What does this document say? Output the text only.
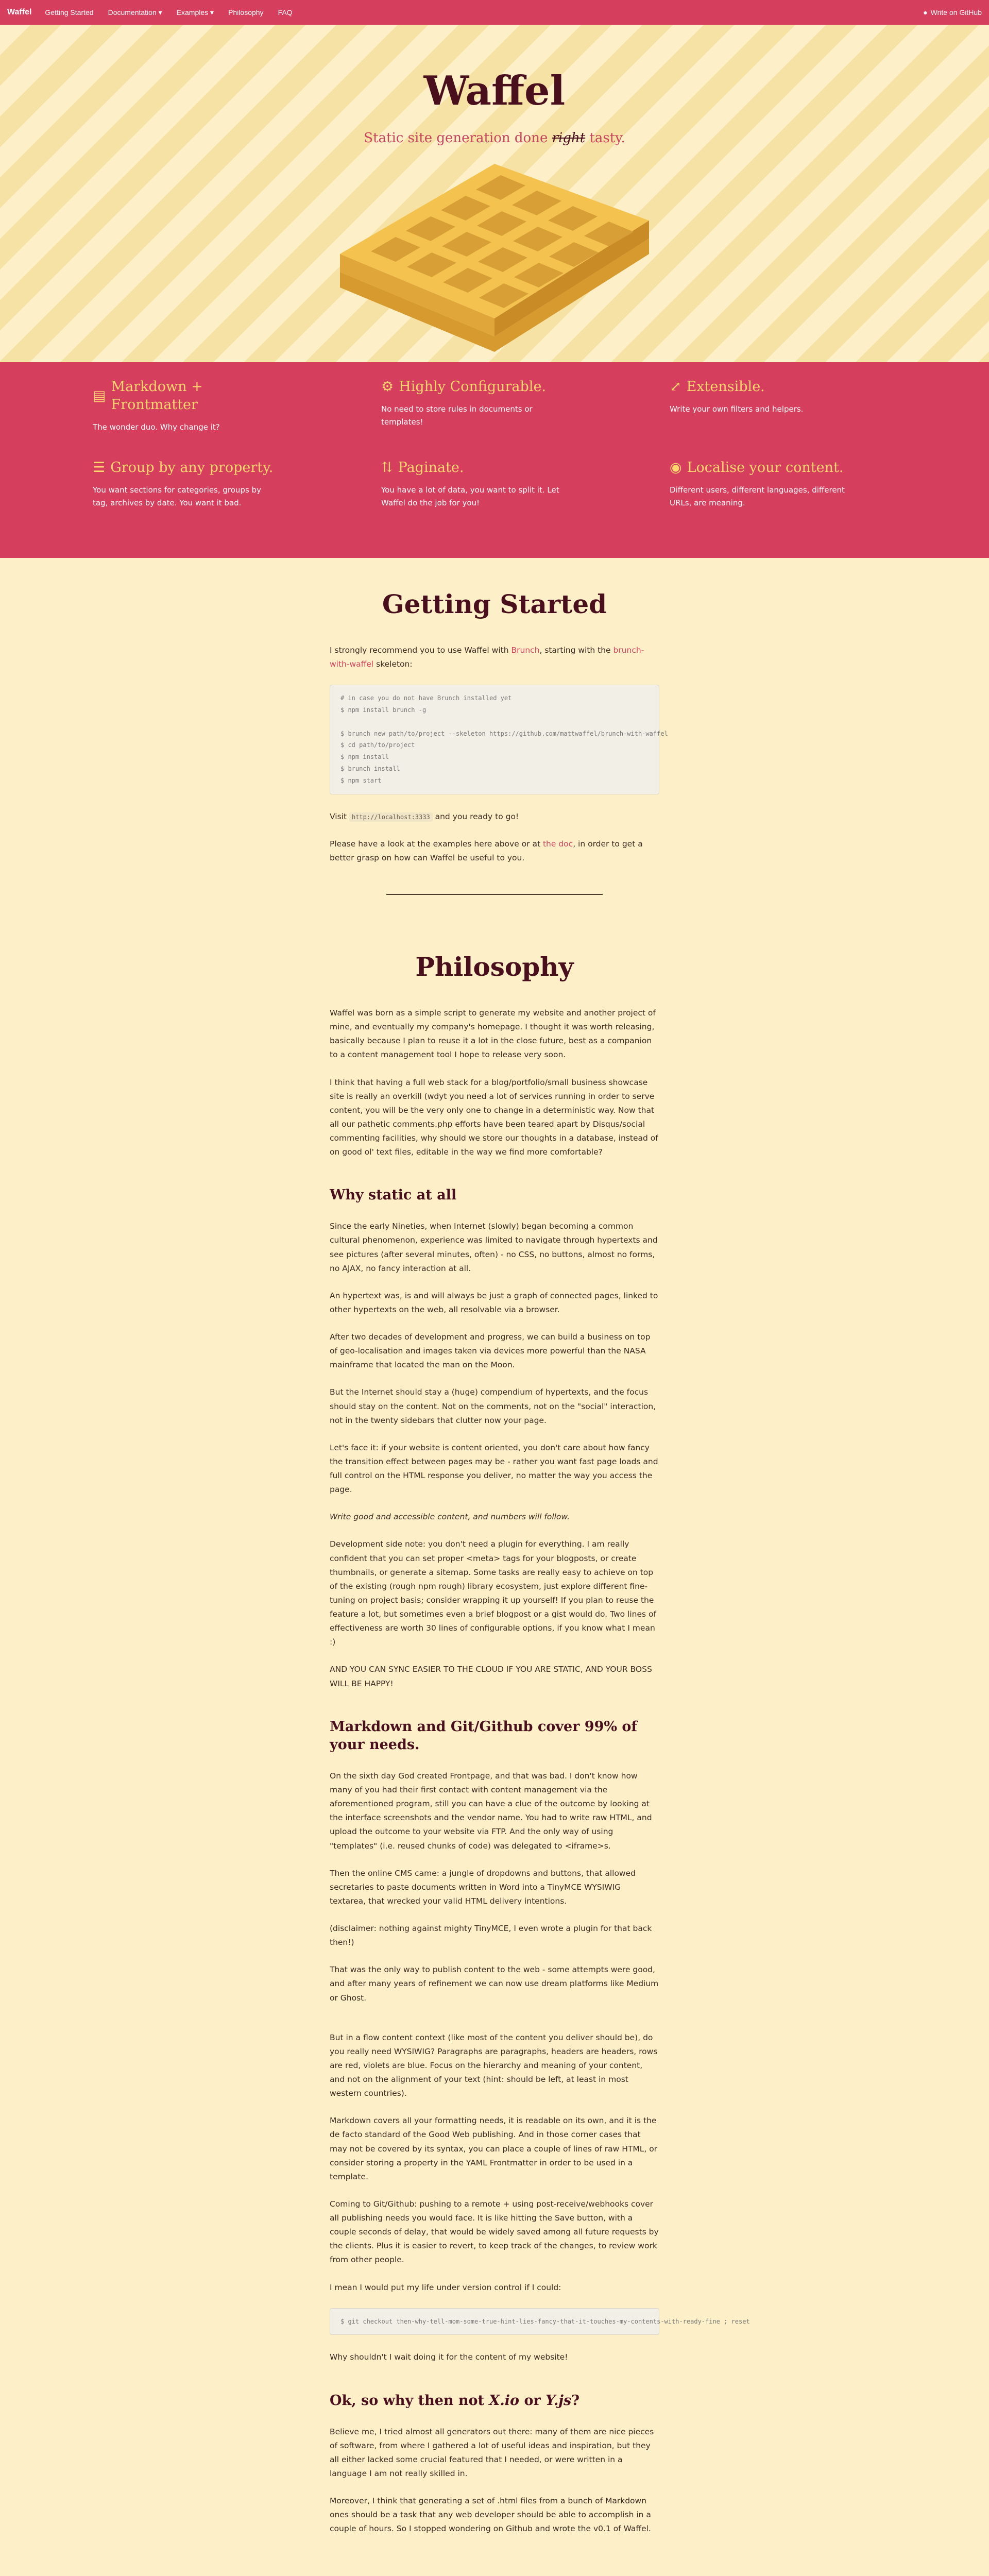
Waffel Getting Started Documentation ▾ Examples ▾ Philosophy FAQ	● Write on GitHub
Waffel
Static site generation done right tasty.
▤
Markdown + Frontmatter

The wonder duo. Why change it?

⚙ Highly Configurable.

No need to store rules in documents or templates!

⤢ Extensible.

Write your own filters and helpers.

☰ Group by any property.

You want sections for categories, groups by tag, archives by date. You want it bad.

⇅ Paginate.

You have a lot of data, you want to split it. Let Waffel do the job for you!

◉ Localise your content.

Different users, different languages, different URLs, are meaning.

Getting Started

I strongly recommend you to use Waffel with Brunch, starting with the brunch-with-waffel skeleton:

# in case you do not have Brunch installed yet
$ npm install brunch -g

$ brunch new path/to/project --skeleton https://github.com/mattwaffel/brunch-with-waffel
$ cd path/to/project
$ npm install
$ brunch install
$ npm start

Visit http://localhost:3333 and you ready to go!

Please have a look at the examples here above or at the doc, in order to get a better grasp on how can Waffel be useful to you.

Philosophy

Waffel was born as a simple script to generate my website and another project of mine, and eventually my company's homepage. I thought it was worth releasing, basically because I plan to reuse it a lot in the close future, best as a companion to a content management tool I hope to release very soon.

I think that having a full web stack for a blog/portfolio/small business showcase site is really an overkill (wdyt you need a lot of services running in order to serve content, you will be the very only one to change in a deterministic way. Now that all our pathetic comments.php efforts have been teared apart by Disqus/social commenting facilities, why should we store our thoughts in a database, instead of on good ol' text files, editable in the way we find more comfortable?

Why static at all

Since the early Nineties, when Internet (slowly) began becoming a common cultural phenomenon, experience was limited to navigate through hypertexts and see pictures (after several minutes, often) - no CSS, no buttons, almost no forms, no AJAX, no fancy interaction at all.

An hypertext was, is and will always be just a graph of connected pages, linked to other hypertexts on the web, all resolvable via a browser.

After two decades of development and progress, we can build a business on top of geo-localisation and images taken via devices more powerful than the NASA mainframe that located the man on the Moon.

But the Internet should stay a (huge) compendium of hypertexts, and the focus should stay on the content. Not on the comments, not on the "social" interaction, not in the twenty sidebars that clutter now your page.

Let's face it: if your website is content oriented, you don't care about how fancy the transition effect between pages may be - rather you want fast page loads and full control on the HTML response you deliver, no matter the way you access the page.

Write good and accessible content, and numbers will follow.

Development side note: you don't need a plugin for everything. I am really confident that you can set proper <meta> tags for your blogposts, or create thumbnails, or generate a sitemap. Some tasks are really easy to achieve on top of the existing (rough npm rough) library ecosystem, just explore different fine-tuning on project basis; consider wrapping it up yourself! If you plan to reuse the feature a lot, but sometimes even a brief blogpost or a gist would do. Two lines of effectiveness are worth 30 lines of configurable options, if you know what I mean :)

AND YOU CAN SYNC EASIER TO THE CLOUD IF YOU ARE STATIC, AND YOUR BOSS WILL BE HAPPY!

Markdown and Git/Github cover 99% of your needs.

On the sixth day God created Frontpage, and that was bad. I don't know how many of you had their first contact with content management via the aforementioned program, still you can have a clue of the outcome by looking at the interface screenshots and the vendor name. You had to write raw HTML, and upload the outcome to your website via FTP. And the only way of using "templates" (i.e. reused chunks of code) was delegated to <iframe>s.

Then the online CMS came: a jungle of dropdowns and buttons, that allowed secretaries to paste documents written in Word into a TinyMCE WYSIWIG textarea, that wrecked your valid HTML delivery intentions.

(disclaimer: nothing against mighty TinyMCE, I even wrote a plugin for that back then!)

That was the only way to publish content to the web - some attempts were good, and after many years of refinement we can now use dream platforms like Medium or Ghost.

But in a flow content context (like most of the content you deliver should be), do you really need WYSIWIG? Paragraphs are paragraphs, headers are headers, rows are red, violets are blue. Focus on the hierarchy and meaning of your content, and not on the alignment of your text (hint: should be left, at least in most western countries).

Markdown covers all your formatting needs, it is readable on its own, and it is the de facto standard of the Good Web publishing. And in those corner cases that may not be covered by its syntax, you can place a couple of lines of raw HTML, or consider storing a property in the YAML Frontmatter in order to be used in a template.

Coming to Git/Github: pushing to a remote + using post-receive/webhooks cover all publishing needs you would face. It is like hitting the Save button, with a couple seconds of delay, that would be widely saved among all future requests by the clients. Plus it is easier to revert, to keep track of the changes, to review work from other people.

I mean I would put my life under version control if I could:

$ git checkout then-why-tell-mom-some-true-hint-lies-fancy-that-it-touches-my-contents-with-ready-fine ; reset

Why shouldn't I wait doing it for the content of my website!

Ok, so why then not X.io or Y.js?

Believe me, I tried almost all generators out there: many of them are nice pieces of software, from where I gathered a lot of useful ideas and inspiration, but they all either lacked some crucial featured that I needed, or were written in a language I am not really skilled in.

Moreover, I think that generating a set of .html files from a bunch of Markdown ones should be a task that any web developer should be able to accomplish in a couple of hours. So I stopped wondering on Github and wrote the v0.1 of Waffel.
